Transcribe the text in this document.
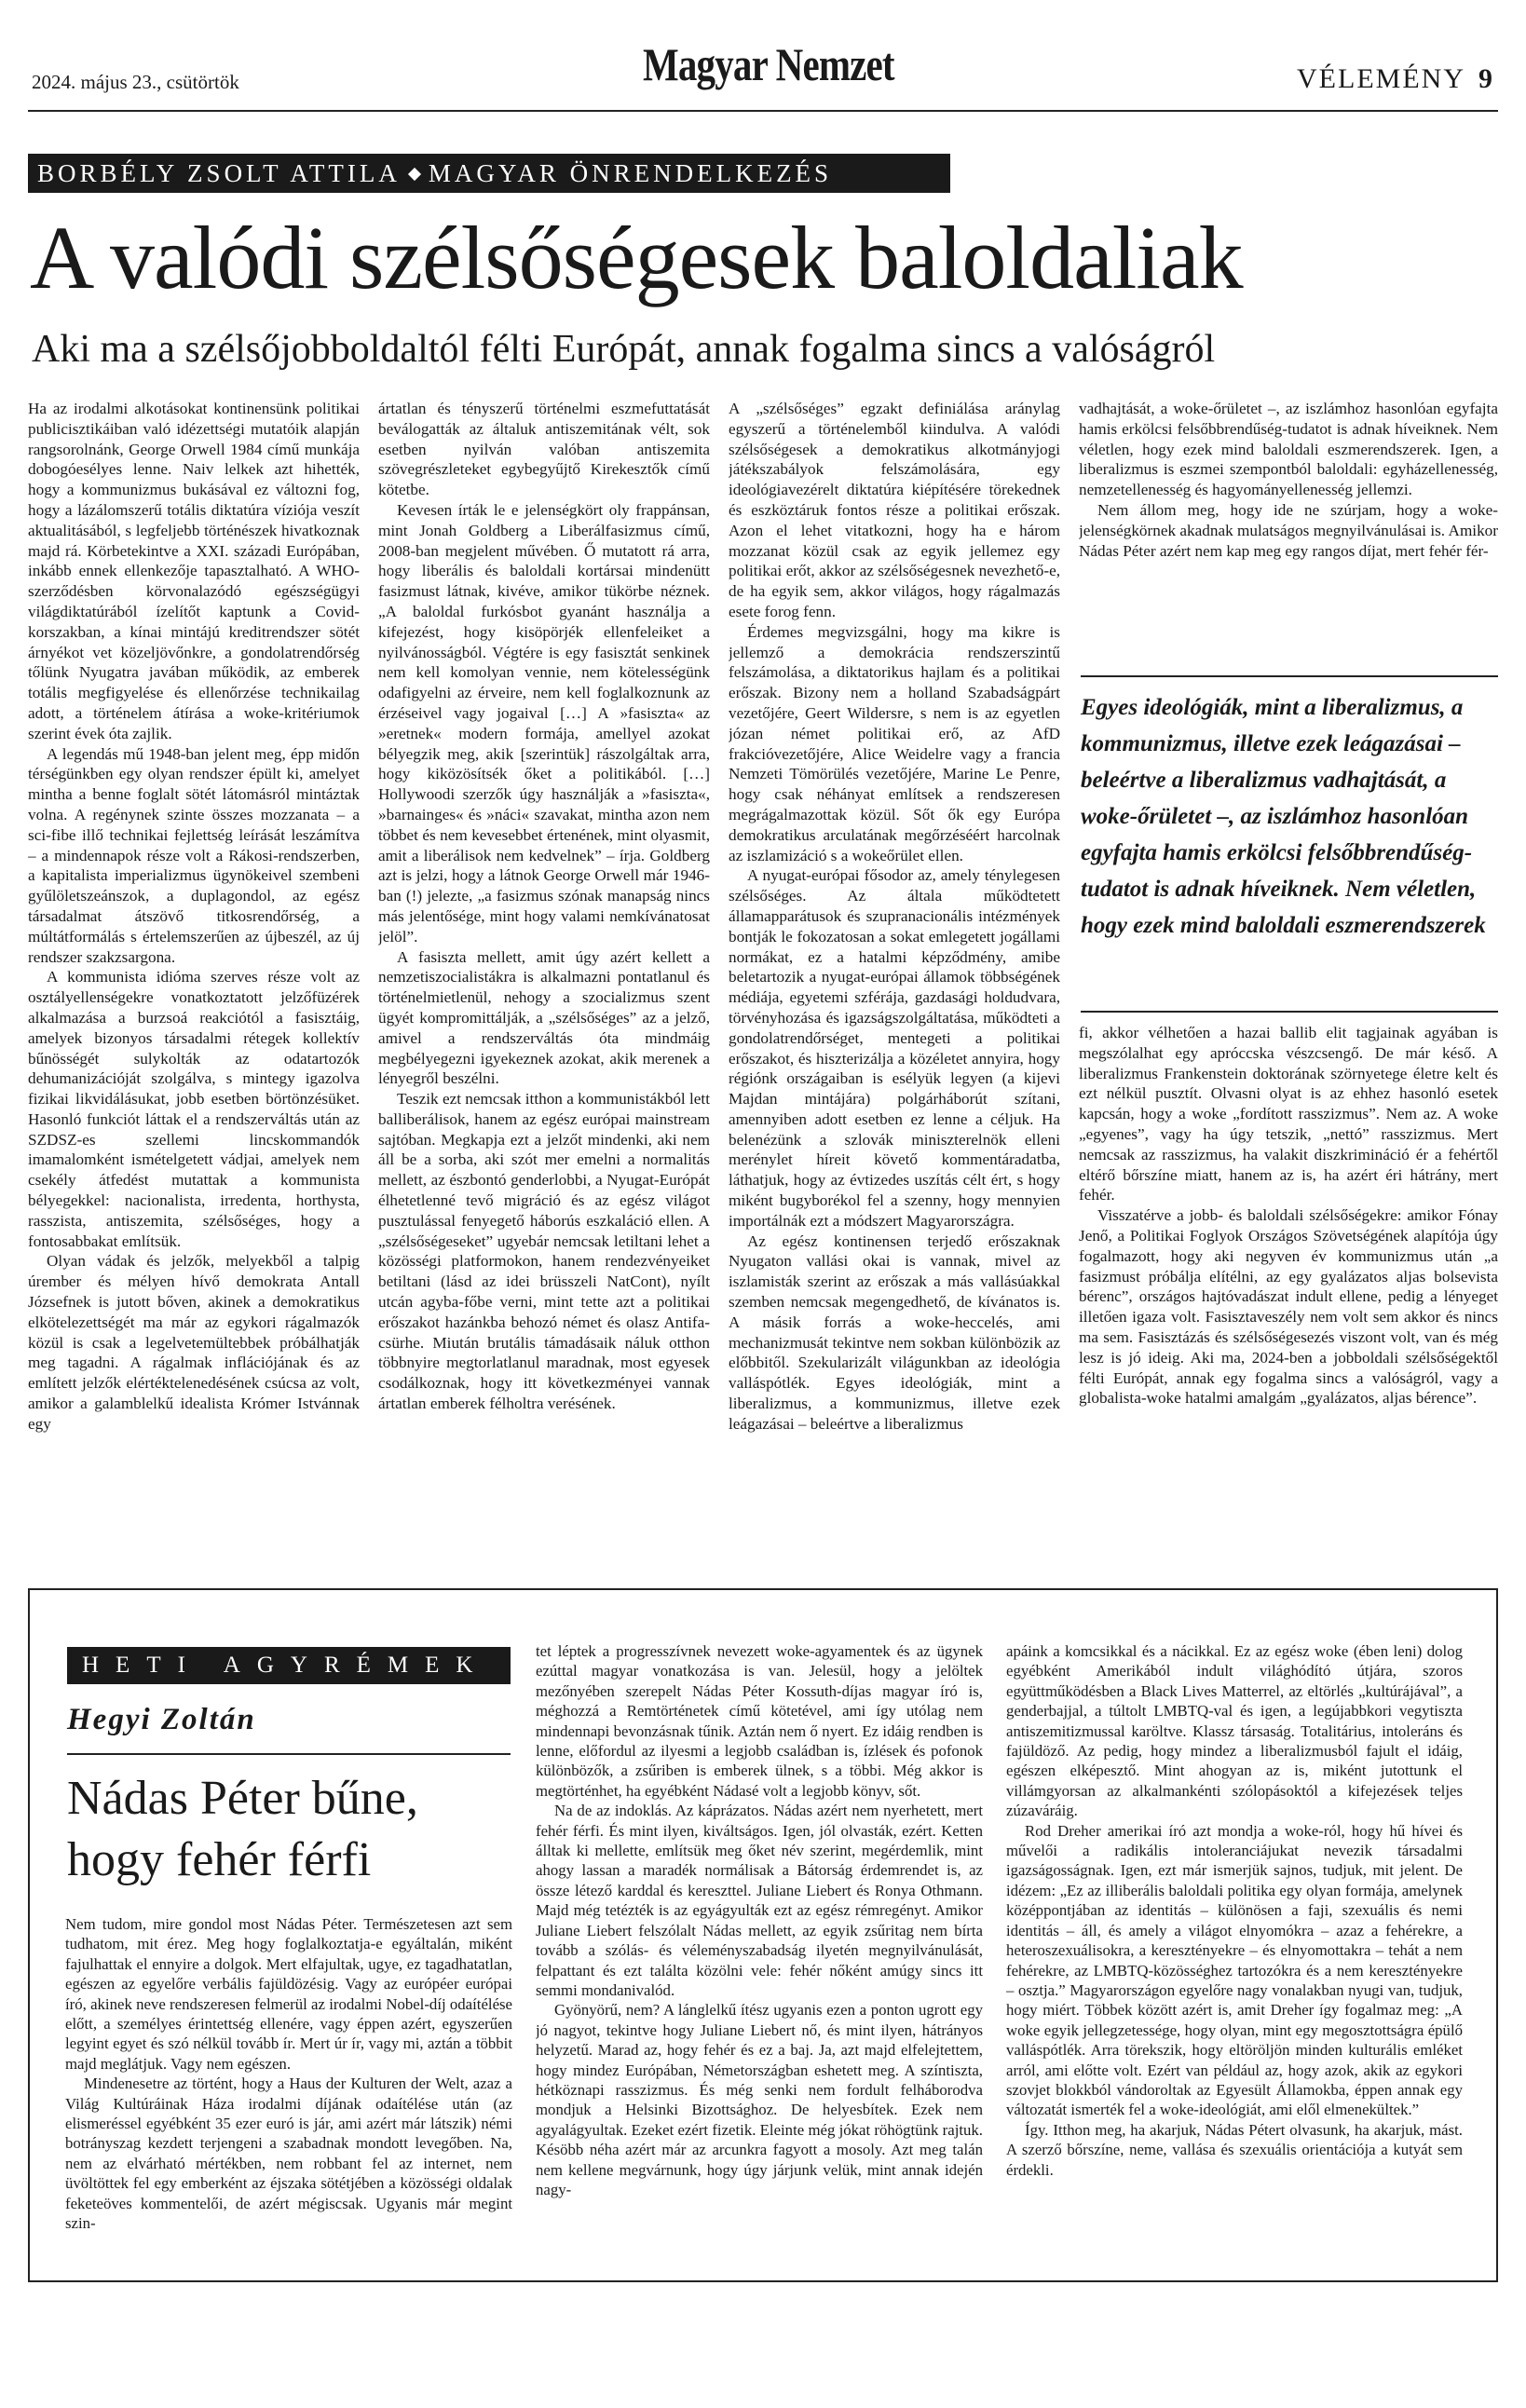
2024. május 23., csütörtök	Magyar Nemzet	VÉLEMÉNY 9
BORBÉLY ZSOLT ATTILA MAGYAR ÖNRENDELKEZÉS
A valódi szélsőségesek baloldaliak
Aki ma a szélsőjobboldaltól félti Európát, annak fogalma sincs a valóságról

Ha az irodalmi alkotásokat kontinensünk politikai publicisztikáiban való idézettségi mutatóik alapján rangsorolnánk, George Orwell 1984 című munkája dobogóesélyes lenne. Naiv lelkek azt hihették, hogy a kommunizmus bukásával ez változni fog, hogy a lázálomszerű totális diktatúra víziója veszít aktualitásából, s legfeljebb történészek hivatkoznak majd rá. Körbetekintve a XXI. századi Európában, inkább ennek ellenkezője tapasztalható. A WHO-szerződésben körvonalazódó egészségügyi világdiktatúrából ízelítőt kaptunk a Covid-korszakban, a kínai mintájú kreditrendszer sötét árnyékot vet közeljövőnkre, a gondolatrendőrség tőlünk Nyugatra javában működik, az emberek totális megfigyelése és ellenőrzése technikailag adott, a történelem átírása a woke-kritériumok szerint évek óta zajlik.

A legendás mű 1948-ban jelent meg, épp midőn térségünkben egy olyan rendszer épült ki, amelyet mintha a benne foglalt sötét látomásról mintáztak volna. A regénynek szinte összes mozzanata – a sci-fibe illő technikai fejlettség leírását leszámítva – a mindennapok része volt a Rákosi-rendszerben, a kapitalista imperializmus ügynökeivel szembeni gyűlöletszeánszok, a duplagondol, az egész társadalmat átszövő titkosrendőrség, a múltátformálás s értelemszerűen az újbeszél, az új rendszer szakzsargona.

A kommunista idióma szerves része volt az osztályellenségekre vonatkoztatott jelzőfüzérek alkalmazása a burzsoá reakciótól a fasisztáig, amelyek bizonyos társadalmi rétegek kollektív bűnösségét sulykolták az odatartozók dehumanizációját szolgálva, s mintegy igazolva fizikai likvidálásukat, jobb esetben börtönzésüket. Hasonló funkciót láttak el a rendszerváltás után az SZDSZ-es szellemi lincskommandók imamalomként ismételgetett vádjai, amelyek nem csekély átfedést mutattak a kommunista bélyegekkel: nacionalista, irredenta, horthysta, rasszista, antiszemita, szélsőséges, hogy a fontosabbakat említsük.

Olyan vádak és jelzők, melyekből a talpig úrember és mélyen hívő demokrata Antall Józsefnek is jutott bőven, akinek a demokratikus elkötelezettségét ma már az egykori rágalmazók közül is csak a legelvetemültebbek próbálhatják meg tagadni. A rágalmak inflációjának és az említett jelzők elértéktelenedésének csúcsa az volt, amikor a galamblelkű idealista Krómer Istvánnak egy

ártatlan és tényszerű történelmi eszmefuttatását beválogatták az általuk antiszemitának vélt, sok esetben nyilván valóban antiszemita szövegrészleteket egybegyűjtő Kirekesztők című kötetbe.

Kevesen írták le e jelenségkört oly frappánsan, mint Jonah Goldberg a Liberálfasizmus című, 2008-ban megjelent művében. Ő mutatott rá arra, hogy liberális és baloldali kortársai mindenütt fasizmust látnak, kivéve, amikor tükörbe néznek. „A baloldal furkósbot gyanánt használja a kifejezést, hogy kisöpörjék ellenfeleiket a nyilvánosságból. Végtére is egy fasisztát senkinek nem kell komolyan vennie, nem kötelességünk odafigyelni az érveire, nem kell foglalkoznunk az érzéseivel vagy jogaival […] A »fasiszta« az »eretnek« modern formája, amellyel azokat bélyegzik meg, akik [szerintük] rászolgáltak arra, hogy kiközösítsék őket a politikából. […] Hollywoodi szerzők úgy használják a »fasiszta«, »barnainges« és »náci« szavakat, mintha azon nem többet és nem kevesebbet értenének, mint olyasmit, amit a liberálisok nem kedvelnek” – írja. Goldberg azt is jelzi, hogy a látnok George Orwell már 1946-ban (!) jelezte, „a fasizmus szónak manapság nincs más jelentősége, mint hogy valami nemkívánatosat jelöl”.

A fasiszta mellett, amit úgy azért kellett a nemzetiszocialistákra is alkalmazni pontatlanul és történelmietlenül, nehogy a szocializmus szent ügyét kompromittálják, a „szélsőséges” az a jelző, amivel a rendszerváltás óta mindmáig megbélyegezni igyekeznek azokat, akik merenek a lényegről beszélni.

Teszik ezt nemcsak itthon a kommunistákból lett balliberálisok, hanem az egész európai mainstream sajtóban. Megkapja ezt a jelzőt mindenki, aki nem áll be a sorba, aki szót mer emelni a normalitás mellett, az észbontó genderlobbi, a Nyugat-Európát élhetetlenné tevő migráció és az egész világot pusztulással fenyegető háborús eszkaláció ellen. A „szélsőségeseket” ugyebár nemcsak letiltani lehet a közösségi platformokon, hanem rendezvényeiket betiltani (lásd az idei brüsszeli NatCont), nyílt utcán agyba-főbe verni, mint tette azt a politikai erőszakot hazánkba behozó német és olasz Antifa-csürhe. Miután brutális támadásaik náluk otthon többnyire megtorlatlanul maradnak, most egyesek csodálkoznak, hogy itt következményei vannak ártatlan emberek félholtra verésének.

A „szélsőséges” egzakt definiálása aránylag egyszerű a történelemből kiindulva. A valódi szélsőségesek a demokratikus alkotmányjogi játékszabályok felszámolására, egy ideológiavezérelt diktatúra kiépítésére törekednek és eszköztáruk fontos része a politikai erőszak. Azon el lehet vitatkozni, hogy ha e három mozzanat közül csak az egyik jellemez egy politikai erőt, akkor az szélsőségesnek nevezhető-e, de ha egyik sem, akkor világos, hogy rágalmazás esete forog fenn.

Érdemes megvizsgálni, hogy ma kikre is jellemző a demokrácia rendszerszintű felszámolása, a diktatorikus hajlam és a politikai erőszak. Bizony nem a holland Szabadságpárt vezetőjére, Geert Wildersre, s nem is az egyetlen józan német politikai erő, az AfD frakcióvezetőjére, Alice Weidelre vagy a francia Nemzeti Tömörülés vezetőjére, Marine Le Penre, hogy csak néhányat említsek a rendszeresen megrágalmazottak közül. Sőt ők egy Európa demokratikus arculatának megőrzéséért harcolnak az iszlamizáció s a wokeőrület ellen.

A nyugat-európai fősodor az, amely ténylegesen szélsőséges. Az általa működtetett államapparátusok és szupranacionális intézmények bontják le fokozatosan a sokat emlegetett jogállami normákat, ez a hatalmi képződmény, amibe beletartozik a nyugat-európai államok többségének médiája, egyetemi szférája, gazdasági holdudvara, törvényhozása és igazságszolgáltatása, működteti a gondolatrendőrséget, mentegeti a politikai erőszakot, és hiszterizálja a közéletet annyira, hogy régiónk országaiban is esélyük legyen (a kijevi Majdan mintájára) polgárháborút szítani, amennyiben adott esetben ez lenne a céljuk. Ha belenézünk a szlovák miniszterelnök elleni merénylet híreit követő kommentáradatba, láthatjuk, hogy az évtizedes uszítás célt ért, s hogy miként bugyborékol fel a szenny, hogy mennyien importálnák ezt a módszert Magyarországra.

Az egész kontinensen terjedő erőszaknak Nyugaton vallási okai is vannak, mivel az iszlamisták szerint az erőszak a más vallásúakkal szemben nemcsak megengedhető, de kívánatos is. A másik forrás a woke-heccelés, ami mechanizmusát tekintve nem sokban különbözik az előbbitől. Szekularizált világunkban az ideológia valláspótlék. Egyes ideológiák, mint a liberalizmus, a kommunizmus, illetve ezek leágazásai – beleértve a liberalizmus

vadhajtását, a woke-őrületet –, az iszlámhoz hasonlóan egyfajta hamis erkölcsi felsőbbrendűség-tudatot is adnak híveiknek. Nem véletlen, hogy ezek mind baloldali eszmerendszerek. Igen, a liberalizmus is eszmei szempontból baloldali: egyházellenesség, nemzetellenesség és hagyományellenesség jellemzi.

Nem állom meg, hogy ide ne szúrjam, hogy a woke-jelenségkörnek akadnak mulatságos megnyilvánulásai is. Amikor Nádas Péter azért nem kap meg egy rangos díjat, mert fehér fér-

Egyes ideológiák, mint a liberalizmus, a kommunizmus, illetve ezek leágazásai – beleértve a liberalizmus vadhajtását, a woke-őrületet –, az iszlámhoz hasonlóan egyfajta hamis erkölcsi felsőbbrendűség-tudatot is adnak híveiknek. Nem véletlen, hogy ezek mind baloldali eszmerendszerek

fi, akkor vélhetően a hazai ballib elit tagjainak agyában is megszólalhat egy apróccska vészcsengő. De már késő. A liberalizmus Frankenstein doktorának szörnyetege életre kelt és ezt nélkül pusztít. Olvasni olyat is az ehhez hasonló esetek kapcsán, hogy a woke „fordított rasszizmus”. Nem az. A woke „egyenes”, vagy ha úgy tetszik, „nettó” rasszizmus. Mert nemcsak az rasszizmus, ha valakit diszkrimináció ér a fehértől eltérő bőrszíne miatt, hanem az is, ha azért éri hátrány, mert fehér.

Visszatérve a jobb- és baloldali szélsőségekre: amikor Fónay Jenő, a Politikai Foglyok Országos Szövetségének alapítója úgy fogalmazott, hogy aki negyven év kommunizmus után „a fasizmust próbálja elítélni, az egy gyalázatos aljas bolsevista bérenc”, országos hajtóvadászat indult ellene, pedig a lényeget illetően igaza volt. Fasisztaveszély nem volt sem akkor és nincs ma sem. Fasisztázás és szélsőségesezés viszont volt, van és még lesz is jó ideig. Aki ma, 2024-ben a jobboldali szélsőségektől félti Európát, annak egy fogalma sincs a valóságról, vagy a globalista-woke hatalmi amalgám „gyalázatos, aljas bérence”.

HETI AGYRÉMEK
Hegyi Zoltán
Nádas Péter bűne, hogy fehér férfi

Nem tudom, mire gondol most Nádas Péter. Természetesen azt sem tudhatom, mit érez. Meg hogy foglalkoztatja-e egyáltalán, miként fajulhattak el ennyire a dolgok. Mert elfajultak, ugye, ez tagadhatatlan, egészen az egyelőre verbális fajüldözésig. Vagy az európéer európai író, akinek neve rendszeresen felmerül az irodalmi Nobel-díj odaítélése előtt, a személyes érintettség ellenére, vagy éppen azért, egyszerűen legyint egyet és szó nélkül tovább ír. Mert úr ír, vagy mi, aztán a többit majd meglátjuk. Vagy nem egészen.

Mindenesetre az történt, hogy a Haus der Kulturen der Welt, azaz a Világ Kultúráinak Háza irodalmi díjának odaítélése után (az elismeréssel egyébként 35 ezer euró is jár, ami azért már látszik) némi botrányszag kezdett terjengeni a szabadnak mondott levegőben. Na, nem az elvárható mértékben, nem robbant fel az internet, nem üvöltöttek fel egy emberként az éjszaka sötétjében a közösségi oldalak feketeöves kommentelői, de azért mégiscsak. Ugyanis már megint szin-

tet léptek a progresszívnek nevezett woke-agyamentek és az ügynek ezúttal magyar vonatkozása is van. Jelesül, hogy a jelöltek mezőnyében szerepelt Nádas Péter Kossuth-díjas magyar író is, méghozzá a Remtörténetek című kötetével, ami így utólag nem mindennapi bevonzásnak tűnik. Aztán nem ő nyert. Ez idáig rendben is lenne, előfordul az ilyesmi a legjobb családban is, ízlések és pofonok különbözők, a zsűriben is emberek ülnek, s a többi. Még akkor is megtörténhet, ha egyébként Nádasé volt a legjobb könyv, sőt.

Na de az indoklás. Az káprázatos. Nádas azért nem nyerhetett, mert fehér férfi. És mint ilyen, kiváltságos. Igen, jól olvasták, ezért. Ketten álltak ki mellette, említsük meg őket név szerint, megérdemlik, mint ahogy lassan a maradék normálisak a Bátorság érdemrendet is, az össze létező karddal és kereszttel. Juliane Liebert és Ronya Othmann. Majd még tetézték is az egyágyulták ezt az egész rémregényt. Amikor Juliane Liebert felszólalt Nádas mellett, az egyik zsűritag nem bírta tovább a szólás- és véleményszabadság ilyetén megnyilvánulását, felpattant és ezt találta közölni vele: fehér nőként amúgy sincs itt semmi mondanivalód.

Gyönyörű, nem? A lánglelkű ítész ugyanis ezen a ponton ugrott egy jó nagyot, tekintve hogy Juliane Liebert nő, és mint ilyen, hátrányos helyzetű. Marad az, hogy fehér és ez a baj. Ja, azt majd elfelejtettem, hogy mindez Európában, Németországban eshetett meg. A színtiszta, hétköznapi rasszizmus. És még senki nem fordult felháborodva mondjuk a Helsinki Bizottsághoz. De helyesbítek. Ezek nem agyalágyultak. Ezeket ezért fizetik. Eleinte még jókat röhögtünk rajtuk. Késöbb néha azért már az arcunkra fagyott a mosoly. Azt meg talán nem kellene megvárnunk, hogy úgy járjunk velük, mint annak idején nagy-

apáink a komcsikkal és a nácikkal. Ez az egész woke (ében leni) dolog egyébként Amerikából indult világhódító útjára, szoros együttműködésben a Black Lives Matterrel, az eltörlés „kultúrájával”, a genderbajjal, a túltolt LMBTQ-val és igen, a legújabbkori vegytiszta antiszemitizmussal karöltve. Klassz társaság. Totalitárius, intoleráns és fajüldöző. Az pedig, hogy mindez a liberalizmusból fajult el idáig, egészen elképesztő. Mint ahogyan az is, miként jutottunk el villámgyorsan az alkalmankénti szólopásoktól a kifejezések teljes zúzaváráig.

Rod Dreher amerikai író azt mondja a woke-ról, hogy hű hívei és művelői a radikális intoleranciájukat nevezik társadalmi igazságosságnak. Igen, ezt már ismerjük sajnos, tudjuk, mit jelent. De idézem: „Ez az illiberális baloldali politika egy olyan formája, amelynek középpontjában az identitás – különösen a faji, szexuális és nemi identitás – áll, és amely a világot elnyomókra – azaz a fehérekre, a heteroszexuálisokra, a keresztényekre – és elnyomottakra – tehát a nem fehérekre, az LMBTQ-közösséghez tartozókra és a nem keresztényekre – osztja.” Magyarországon egyelőre nagy vonalakban nyugi van, tudjuk, hogy miért. Többek között azért is, amit Dreher így fogalmaz meg: „A woke egyik jellegzetessége, hogy olyan, mint egy megosztottságra épülő valláspótlék. Arra törekszik, hogy eltöröljön minden kulturális emléket arról, ami előtte volt. Ezért van például az, hogy azok, akik az egykori szovjet blokkból vándoroltak az Egyesült Államokba, éppen annak egy változatát ismerték fel a woke-ideológiát, ami elől elmenekültek.”

Így. Itthon meg, ha akarjuk, Nádas Pétert olvasunk, ha akarjuk, mást. A szerző bőrszíne, neme, vallása és szexuális orientációja a kutyát sem érdekli.
